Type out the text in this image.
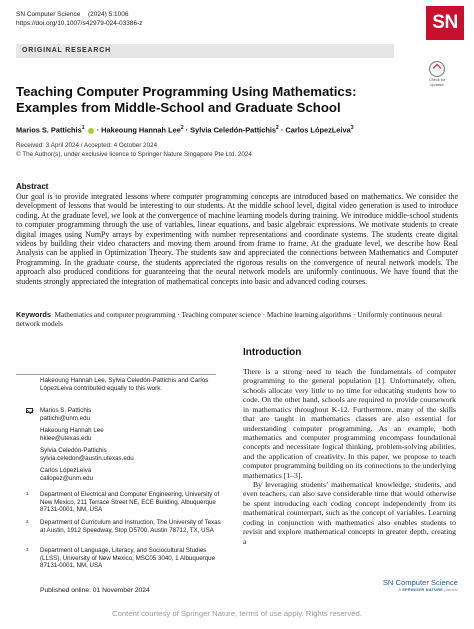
SN Computer Science	(2024) 5:1006
https://doi.org/10.1007/s42979-024-03386-z	SN
ORIGINAL RESEARCH
Check for updates
Teaching Computer Programming Using Mathematics: Examples from Middle-School and Graduate School
Marios S. Pattichis$^1$  · Hakeoung Hannah Lee$^2$ · Sylvia Celedón-Pattichis$^2$ · Carlos LópezLeiva$^3$
Received: 3 April 2024 / Accepted: 4 October 2024
© The Author(s), under exclusive licence to Springer Nature Singapore Pte Ltd. 2024
Abstract
Our goal is to provide integrated lessons where computer programming concepts are introduced based on mathematics. We consider the development of lessons that would be interesting to our students. At the middle school level, digital video generation is used to introduce coding. At the graduate level, we look at the convergence of machine learning models during training. We introduce middle-school students to computer programming through the use of variables, linear equations, and basic algebraic expressions. We motivate students to create digital images using NumPy arrays by experimenting with number representations and coordinate systems. The students create digital videos by building their video characters and moving them around from frame to frame. At the graduate level, we describe how Real Analysis can be applied in Optimization Theory. The students saw and appreciated the connections between Mathematics and Computer Programming. In the graduate course, the students appreciated the rigorous results on the convergence of neural network models. The approach also produced conditions for guaranteeing that the neural network models are uniformly continuous. We have found that the students strongly appreciated the integration of mathematical concepts into basic and advanced coding courses.
Keywords Mathematics and computer programming · Teaching computer science · Machine learning algorithms · Uniformly continuous neural network models
Hakeoung Hannah Lee, Sylvia Celedón-Pattichis and Carlos LópezLeiva contributed equally to this work.
Marios S. Pattichis
pattichi@unm.edu
Hakeoung Hannah Lee
hklee@utexas.edu
Sylvia Celedón-Pattichis
sylvia.celedon@austin.utexas.edu
Carlos LópezLeiva
callopez@unm.edu
1	Department of Electrical and Computer Engineering, University of New Mexico, 211 Terrace Street NE, ECE Building, Albuquerque 87131-0001, NM, USA
2	Department of Curriculum and Instruction, The University of Texas at Austin, 1912 Speedway, Stop D5700, Austin 78712, TX, USA
3	Department of Language, Literacy, and Sociocultural Studies (LLSS), University of New Mexico, MSC05 3040, 1 Albuquerque 87131-0001, NM, USA
Published online: 01 November 2024
Introduction

There is a strong need to teach the fundamentals of computer programming to the general population [1]. Unfortunately, often, schools allocate very little to no time for educating students how to code. On the other hand, schools are required to provide coursework in mathematics throughout K-12. Furthermore, many of the skills that are taught in mathematics classes are also essential for understanding computer programming. As an example, both mathematics and computer programming encompass foundational concepts and necessitate logical thinking, problem-solving abilities, and the application of creativity. In this paper, we propose to teach computer programming building on its connections to the underlying mathematics [1–3].

By leveraging students’ mathematical knowledge, students, and even teachers, can also save considerable time that would otherwise be spent introducing each coding concept independently from its mathematical counterpart, such as the concept of variables. Learning coding in conjunction with mathematics also enables students to revisit and explore mathematical concepts in greater depth, creating a

SN Computer Science
A SPRINGER NATURE journal
Content courtesy of Springer Nature, terms of use apply. Rights reserved.
